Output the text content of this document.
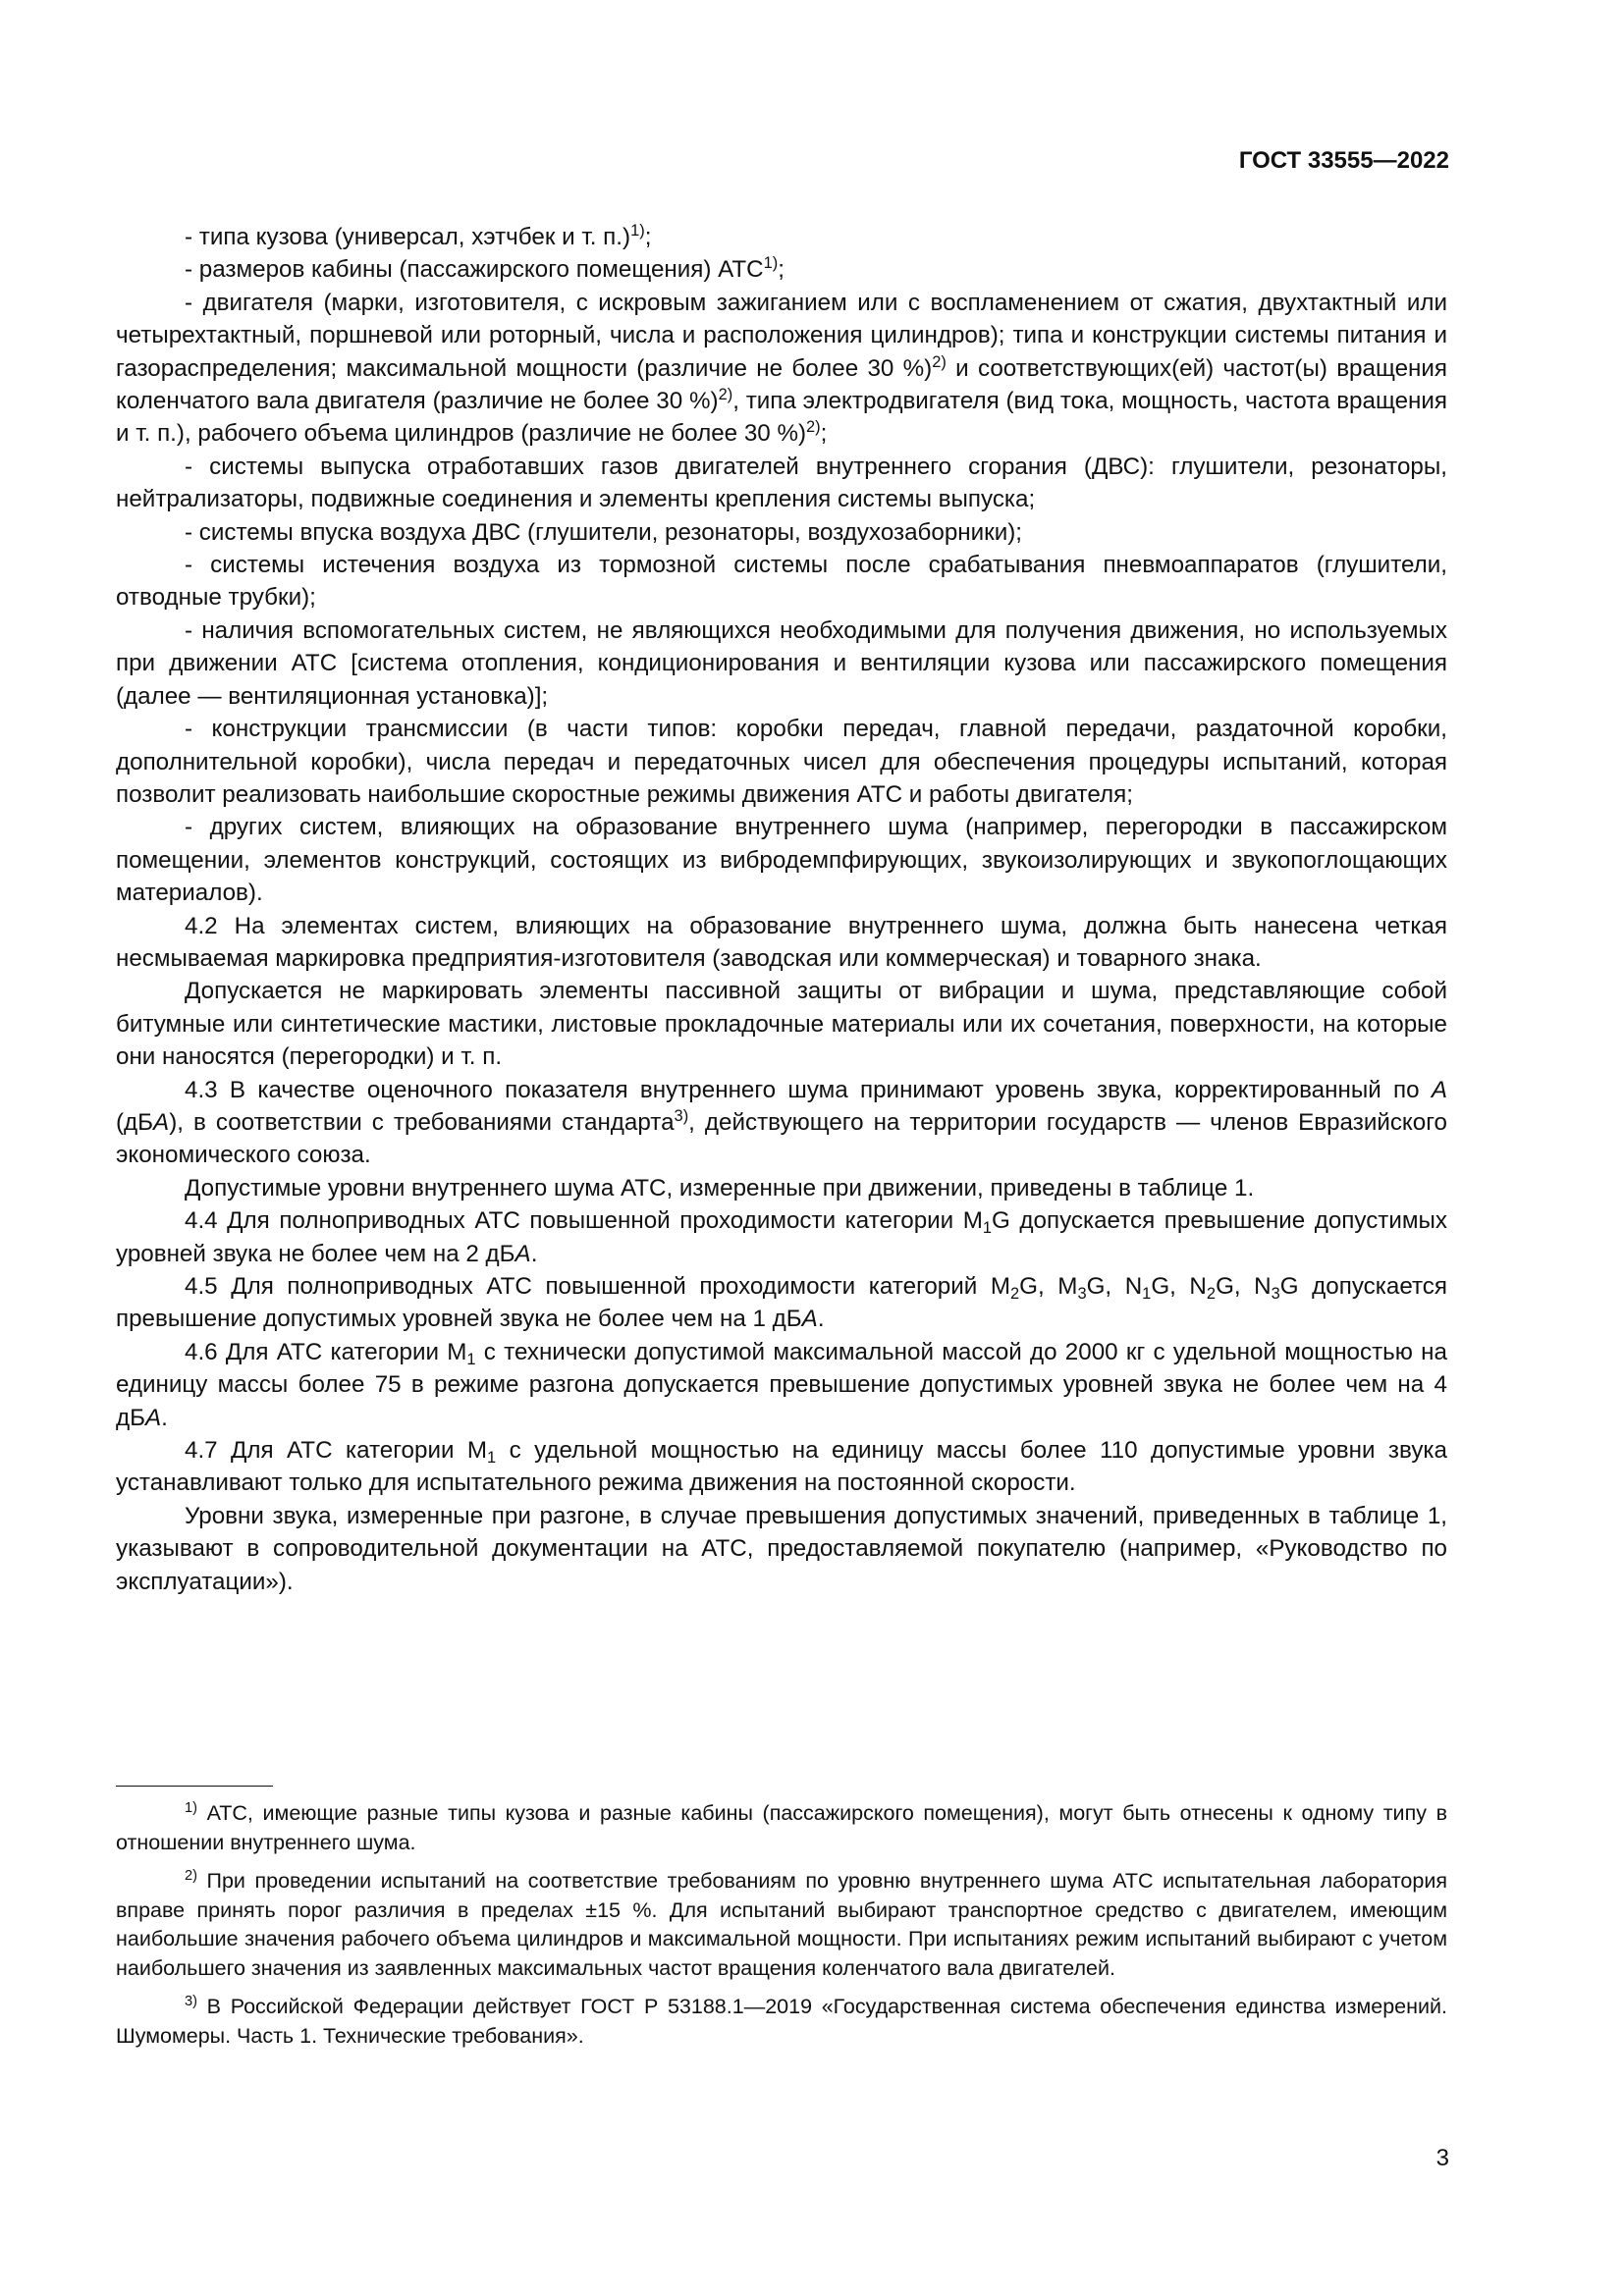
ГОСТ 33555—2022

- типа кузова (универсал, хэтчбек и т. п.)$^{1)}$;

- размеров кабины (пассажирского помещения) АТС$^{1)}$;

- двигателя (марки, изготовителя, с искровым зажиганием или с воспламенением от сжатия, двухтактный или четырехтактный, поршневой или роторный, числа и расположения цилиндров); типа и конструкции системы питания и газораспределения; максимальной мощности (различие не более 30 %)$^{2)}$ и соответствующих(ей) частот(ы) вращения коленчатого вала двигателя (различие не более 30 %)$^{2)}$, типа электродвигателя (вид тока, мощность, частота вращения и т. п.), рабочего объема цилиндров (различие не более 30 %)$^{2)}$;

- системы выпуска отработавших газов двигателей внутреннего сгорания (ДВС): глушители, резонаторы, нейтрализаторы, подвижные соединения и элементы крепления системы выпуска;

- системы впуска воздуха ДВС (глушители, резонаторы, воздухозаборники);

- системы истечения воздуха из тормозной системы после срабатывания пневмоаппаратов (глушители, отводные трубки);

- наличия вспомогательных систем, не являющихся необходимыми для получения движения, но используемых при движении АТС [система отопления, кондиционирования и вентиляции кузова или пассажирского помещения (далее — вентиляционная установка)];

- конструкции трансмиссии (в части типов: коробки передач, главной передачи, раздаточной коробки, дополнительной коробки), числа передач и передаточных чисел для обеспечения процедуры испытаний, которая позволит реализовать наибольшие скоростные режимы движения АТС и работы двигателя;

- других систем, влияющих на образование внутреннего шума (например, перегородки в пассажирском помещении, элементов конструкций, состоящих из вибродемпфирующих, звукоизолирующих и звукопоглощающих материалов).

4.2 На элементах систем, влияющих на образование внутреннего шума, должна быть нанесена четкая несмываемая маркировка предприятия-изготовителя (заводская или коммерческая) и товарного знака.

Допускается не маркировать элементы пассивной защиты от вибрации и шума, представляющие собой битумные или синтетические мастики, листовые прокладочные материалы или их сочетания, поверхности, на которые они наносятся (перегородки) и т. п.

4.3 В качестве оценочного показателя внутреннего шума принимают уровень звука, корректированный по А (дБА), в соответствии с требованиями стандарта$^{3)}$, действующего на территории государств — членов Евразийского экономического союза.

Допустимые уровни внутреннего шума АТС, измеренные при движении, приведены в таблице 1.

4.4 Для полноприводных АТС повышенной проходимости категории $М_1G$ допускается превышение допустимых уровней звука не более чем на 2 дБА.

4.5 Для полноприводных АТС повышенной проходимости категорий $М_2G$, $М_3G$, $N_1G$, $N_2G$, $N_3G$ допускается превышение допустимых уровней звука не более чем на 1 дБА.

4.6 Для АТС категории $М_1$ с технически допустимой максимальной массой до 2000 кг с удельной мощностью на единицу массы более 75 в режиме разгона допускается превышение допустимых уровней звука не более чем на 4 дБА.

4.7 Для АТС категории $М_1$ с удельной мощностью на единицу массы более 110 допустимые уровни звука устанавливают только для испытательного режима движения на постоянной скорости.

Уровни звука, измеренные при разгоне, в случае превышения допустимых значений, приведенных в таблице 1, указывают в сопроводительной документации на АТС, предоставляемой покупателю (например, «Руководство по эксплуатации»).

$^{1)}$ АТС, имеющие разные типы кузова и разные кабины (пассажирского помещения), могут быть отнесены к одному типу в отношении внутреннего шума.

$^{2)}$ При проведении испытаний на соответствие требованиям по уровню внутреннего шума АТС испытательная лаборатория вправе принять порог различия в пределах ±15 %. Для испытаний выбирают транспортное средство с двигателем, имеющим наибольшие значения рабочего объема цилиндров и максимальной мощности. При испытаниях режим испытаний выбирают с учетом наибольшего значения из заявленных максимальных частот вращения коленчатого вала двигателей.

$^{3)}$ В Российской Федерации действует ГОСТ Р 53188.1—2019 «Государственная система обеспечения единства измерений. Шумомеры. Часть 1. Технические требования».

3
